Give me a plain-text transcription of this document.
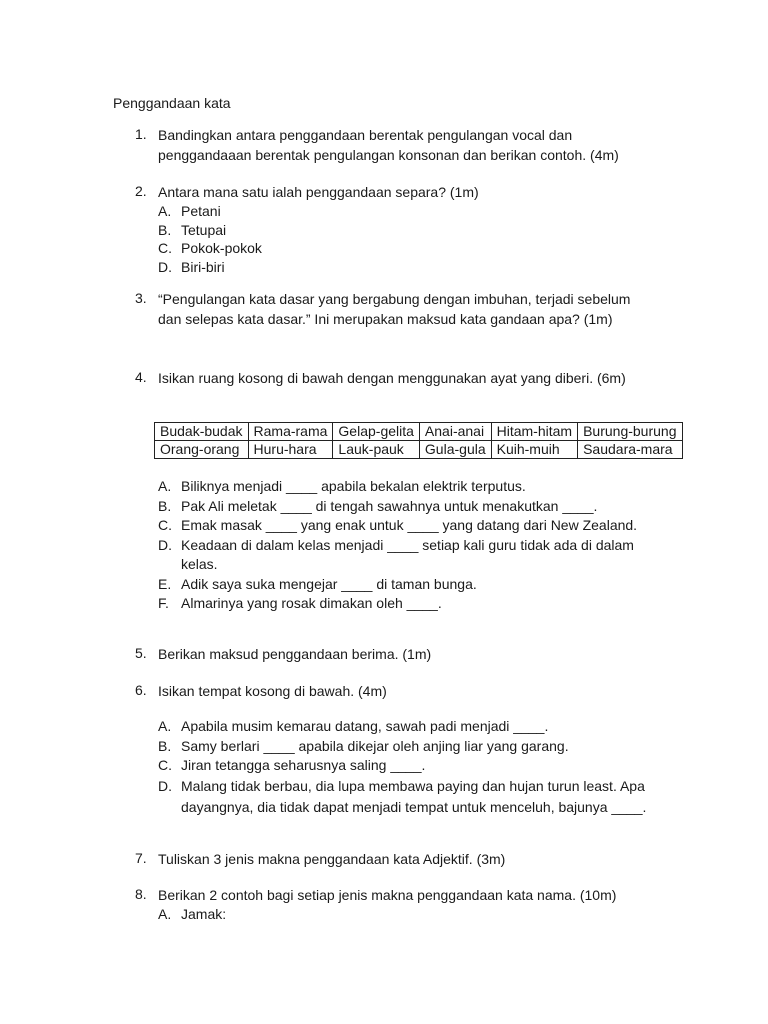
Penggandaan kata
1. Bandingkan antara penggandaan berentak pengulangan vocal dan penggandaaan berentak pengulangan konsonan dan berikan contoh. (4m)
2. Antara mana satu ialah penggandaan separa? (1m)
A. Petani
B. Tetupai
C. Pokok-pokok
D. Biri-biri
3. “Pengulangan kata dasar yang bergabung dengan imbuhan, terjadi sebelum dan selepas kata dasar.” Ini merupakan maksud kata gandaan apa? (1m)
4. Isikan ruang kosong di bawah dengan menggunakan ayat yang diberi. (6m)
Budak-budak	Rama-rama	Gelap-gelita	Anai-anai	Hitam-hitam	Burung-burung
Orang-orang	Huru-hara	Lauk-pauk	Gula-gula	Kuih-muih	Saudara-mara
A. Biliknya menjadi ____ apabila bekalan elektrik terputus.
B. Pak Ali meletak ____ di tengah sawahnya untuk menakutkan ____.
C. Emak masak ____ yang enak untuk ____ yang datang dari New Zealand.
D. Keadaan di dalam kelas menjadi ____ setiap kali guru tidak ada di dalam kelas.
E. Adik saya suka mengejar ____ di taman bunga.
F. Almarinya yang rosak dimakan oleh ____.
5. Berikan maksud penggandaan berima. (1m)
6. Isikan tempat kosong di bawah. (4m)
A. Apabila musim kemarau datang, sawah padi menjadi ____.
B. Samy berlari ____ apabila dikejar oleh anjing liar yang garang.
C. Jiran tetangga seharusnya saling ____.
D. Malang tidak berbau, dia lupa membawa paying dan hujan turun least. Apa dayangnya, dia tidak dapat menjadi tempat untuk menceluh, bajunya ____.
7. Tuliskan 3 jenis makna penggandaan kata Adjektif. (3m)
8. Berikan 2 contoh bagi setiap jenis makna penggandaan kata nama. (10m)
A. Jamak:
